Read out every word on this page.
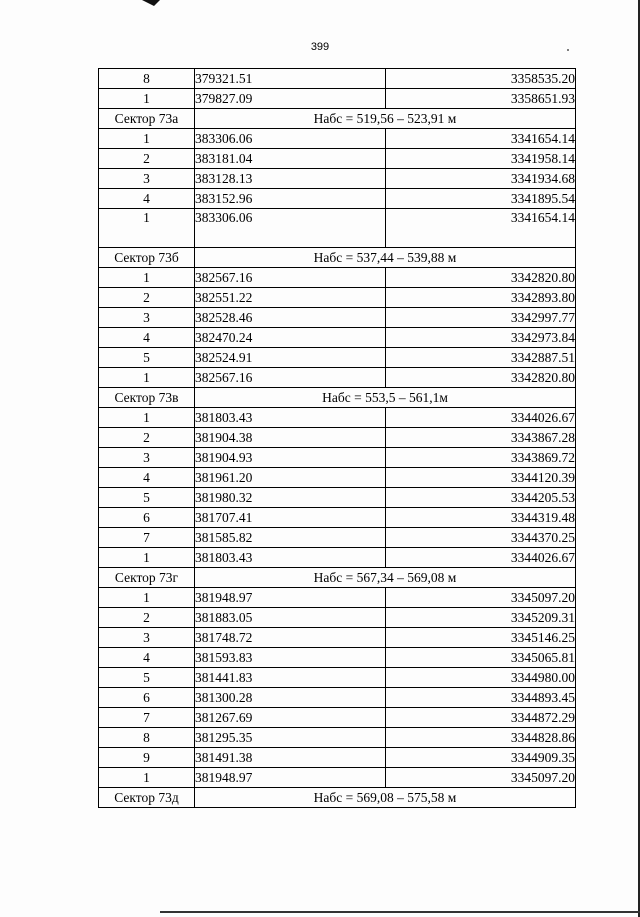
399
8	379321.51	3358535.20
1	379827.09	3358651.93
Сектор 73а	Набс = 519,56 – 523,91 м	
1	383306.06	3341654.14
2	383181.04	3341958.14
3	383128.13	3341934.68
4	383152.96	3341895.54
1	383306.06	3341654.14
Сектор 73б	Набс = 537,44 – 539,88 м	
1	382567.16	3342820.80
2	382551.22	3342893.80
3	382528.46	3342997.77
4	382470.24	3342973.84
5	382524.91	3342887.51
1	382567.16	3342820.80
Сектор 73в	Набс = 553,5 – 561,1м	
1	381803.43	3344026.67
2	381904.38	3343867.28
3	381904.93	3343869.72
4	381961.20	3344120.39
5	381980.32	3344205.53
6	381707.41	3344319.48
7	381585.82	3344370.25
1	381803.43	3344026.67
Сектор 73г	Набс = 567,34 – 569,08 м	
1	381948.97	3345097.20
2	381883.05	3345209.31
3	381748.72	3345146.25
4	381593.83	3345065.81
5	381441.83	3344980.00
6	381300.28	3344893.45
7	381267.69	3344872.29
8	381295.35	3344828.86
9	381491.38	3344909.35
1	381948.97	3345097.20
Сектор 73д	Набс = 569,08 – 575,58 м	
